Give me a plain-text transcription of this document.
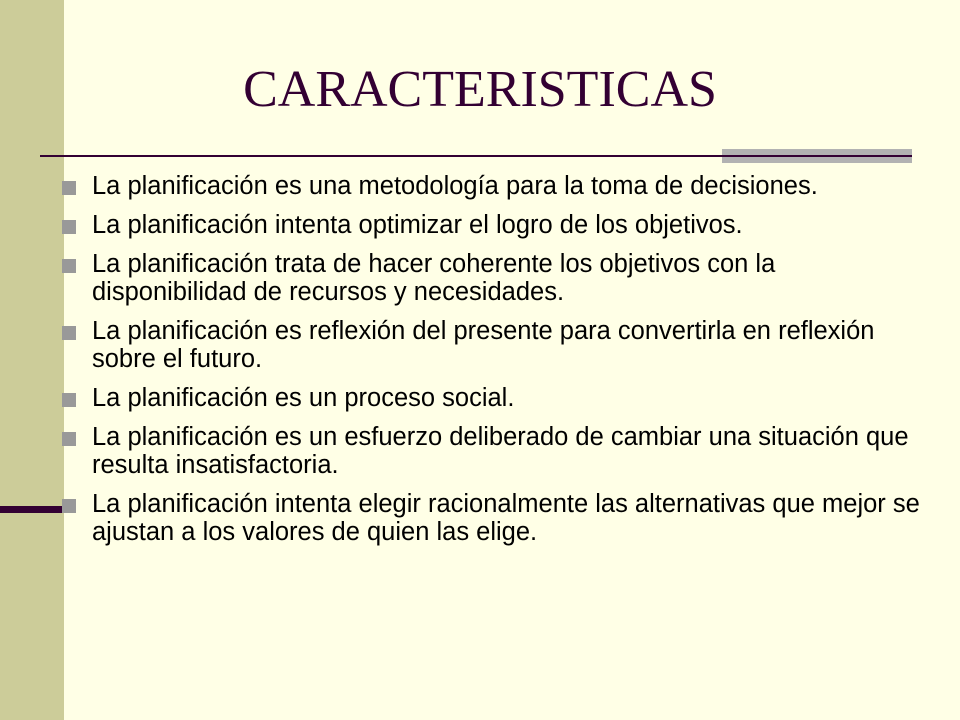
CARACTERISTICAS
La planificación es una metodología para la toma de decisiones.
La planificación intenta optimizar el logro de los objetivos.
La planificación trata de hacer coherente los objetivos con la disponibilidad de recursos y necesidades.
La planificación es reflexión del presente para convertirla en reflexión sobre el futuro.
La planificación es un proceso social.
La planificación es un esfuerzo deliberado de cambiar una situación que resulta insatisfactoria.
La planificación intenta elegir racionalmente las alternativas que mejor se ajustan a los valores de quien las elige.
